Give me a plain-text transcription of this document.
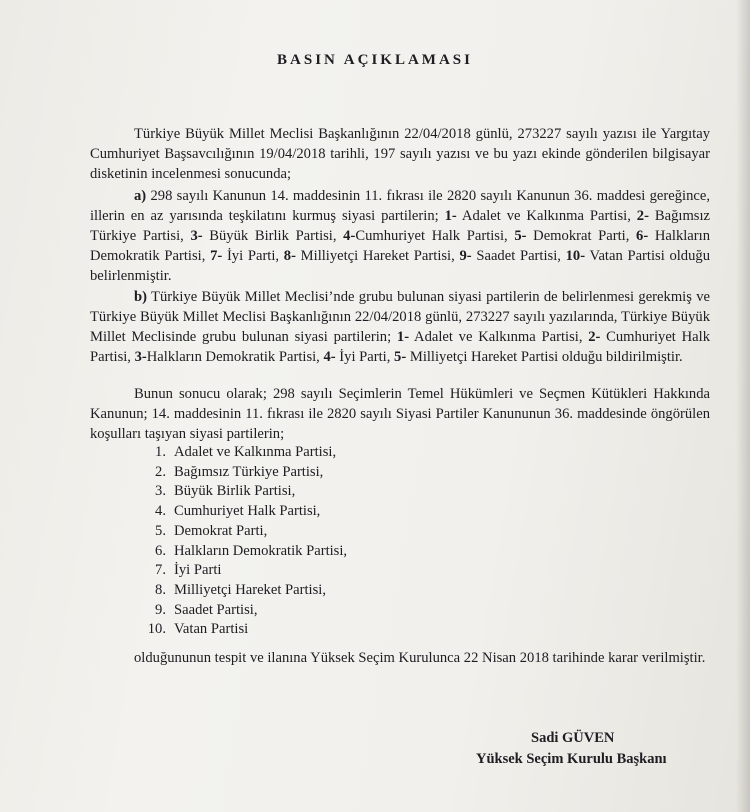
BASIN AÇIKLAMASI

Türkiye Büyük Millet Meclisi Başkanlığının 22/04/2018 günlü, 273227 sayılı yazısı ile Yargıtay Cumhuriyet Başsavcılığının 19/04/2018 tarihli, 197 sayılı yazısı ve bu yazı ekinde gönderilen bilgisayar disketinin incelenmesi sonucunda;

a) 298 sayılı Kanunun 14. maddesinin 11. fıkrası ile 2820 sayılı Kanunun 36. maddesi gereğince, illerin en az yarısında teşkilatını kurmuş siyasi partilerin; 1- Adalet ve Kalkınma Partisi, 2- Bağımsız Türkiye Partisi, 3- Büyük Birlik Partisi, 4-Cumhuriyet Halk Partisi, 5- Demokrat Parti, 6- Halkların Demokratik Partisi, 7- İyi Parti, 8- Milliyetçi Hareket Partisi, 9- Saadet Partisi, 10- Vatan Partisi olduğu belirlenmiştir.

b) Türkiye Büyük Millet Meclisi’nde grubu bulunan siyasi partilerin de belirlenmesi gerekmiş ve Türkiye Büyük Millet Meclisi Başkanlığının 22/04/2018 günlü, 273227 sayılı yazılarında, Türkiye Büyük Millet Meclisinde grubu bulunan siyasi partilerin; 1- Adalet ve Kalkınma Partisi, 2- Cumhuriyet Halk Partisi, 3-Halkların Demokratik Partisi, 4- İyi Parti, 5- Milliyetçi Hareket Partisi olduğu bildirilmiştir.

Bunun sonucu olarak; 298 sayılı Seçimlerin Temel Hükümleri ve Seçmen Kütükleri Hakkında Kanunun; 14. maddesinin 11. fıkrası ile 2820 sayılı Siyasi Partiler Kanununun 36. maddesinde öngörülen koşulları taşıyan siyasi partilerin;

1. Adalet ve Kalkınma Partisi,
2. Bağımsız Türkiye Partisi,
3. Büyük Birlik Partisi,
4. Cumhuriyet Halk Partisi,
5. Demokrat Parti,
6. Halkların Demokratik Partisi,
7. İyi Parti
8. Milliyetçi Hareket Partisi,
9. Saadet Partisi,
10. Vatan Partisi

olduğununun tespit ve ilanına Yüksek Seçim Kurulunca 22 Nisan 2018 tarihinde karar verilmiştir.

Sadi GÜVEN
Yüksek Seçim Kurulu Başkanı
